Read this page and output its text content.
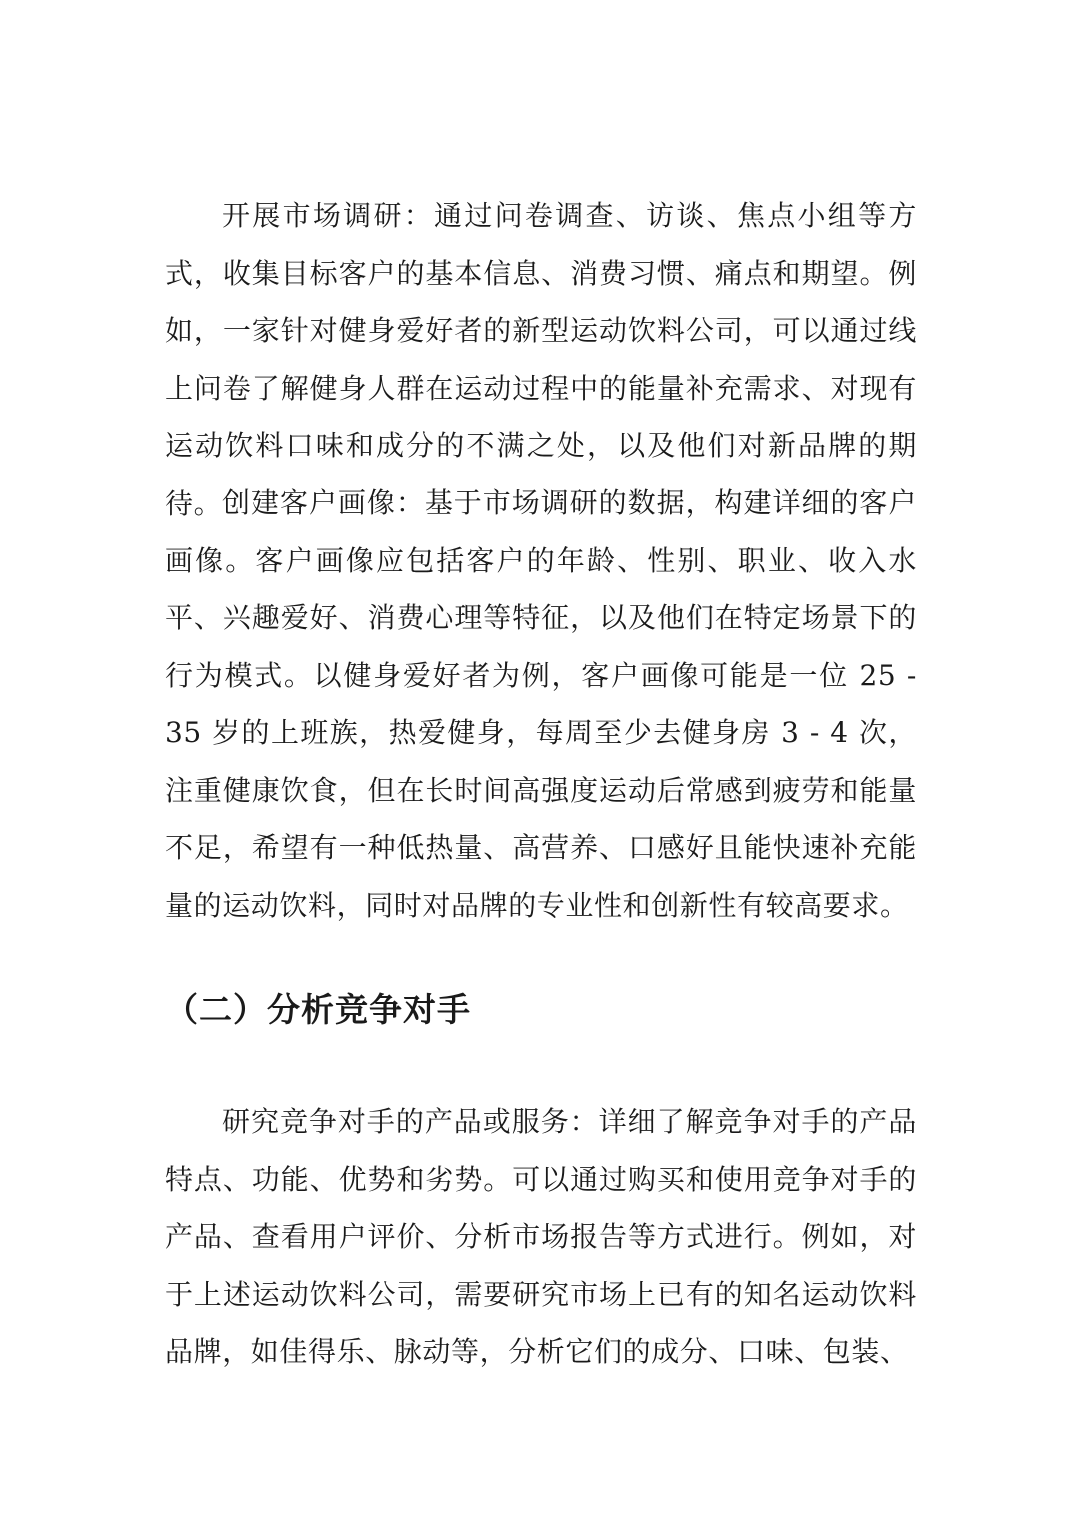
开展市场调研：通过问卷调查、访谈、焦点小组等方式，收集目标客户的基本信息、消费习惯、痛点和期望。例如，一家针对健身爱好者的新型运动饮料公司，可以通过线上问卷了解健身人群在运动过程中的能量补充需求、对现有运动饮料口味和成分的不满之处，以及他们对新品牌的期待。 创建客户画像：基于市场调研的数据，构建详细的客户画像。客户画像应包括客户的年龄、性别、职业、收入水平、兴趣爱好、消费心理等特征，以及他们在特定场景下的行为模式。以健身爱好者为例，客户画像可能是一位 25 - 35 岁的上班族，热爱健身，每周至少去健身房 3 - 4 次，注重健康饮食，但在长时间高强度运动后常感到疲劳和能量不足，希望有一种低热量、高营养、口感好且能快速补充能量的运动饮料，同时对品牌的专业性和创新性有较高要求。

（二）分析竞争对手

研究竞争对手的产品或服务：详细了解竞争对手的产品特点、功能、优势和劣势。可以通过购买和使用竞争对手的产品、查看用户评价、分析市场报告等方式进行。例如，对于上述运动饮料公司，需要研究市场上已有的知名运动饮料品牌，如佳得乐、脉动等，分析它们的成分、口味、包装、
